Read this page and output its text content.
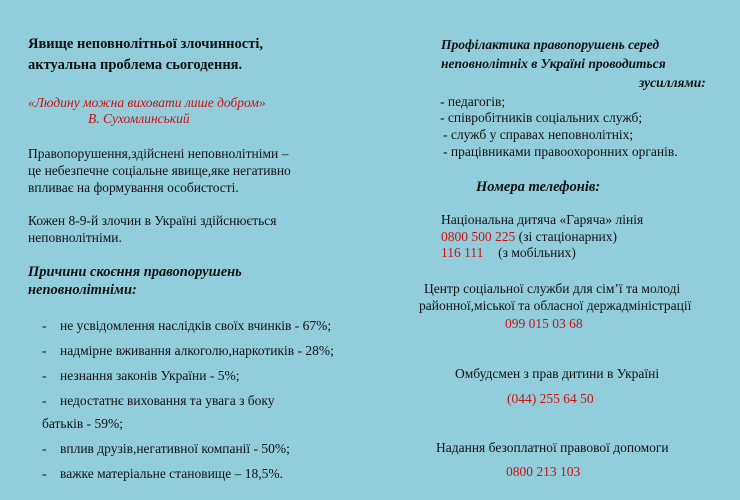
Явище неповнолітньої злочинності,
актуальна проблема сьогодення.
«Людину можна виховати лише добром»
В. Сухомлинський
Правопорушення,здійснені неповнолітніми –
це небезпечне соціальне явище,яке негативно
впливає на формування особистості.
Кожен 8-9-й злочин в Україні здійснюється
неповнолітніми.
Причини скоєння правопорушень
неповнолітніми:
- не усвідомлення наслідків своїх вчинків - 67%;
- надмірне вживання алкоголю,наркотиків - 28%;
- незнання законів України - 5%;
- недостатнє виховання та увага з боку
батьків - 59%;
- вплив друзів,негативної компанії - 50%;
- важке матеріальне становище – 18,5%.
Профілактика правопорушень серед
неповнолітніх в Україні проводиться
зусиллями:
- педагогів;
- співробітників соціальних служб;
- служб у справах неповнолітніх;
- працівниками правоохоронних органів.
Номера телефонів:
Національна дитяча «Гаряча» лінія
0800 500 225 (зі стаціонарних)
116 111 (з мобільних)
Центр соціальної служби для сім’ї та молоді
районної,міської та обласної держадміністрації
099 015 03 68
Омбудсмен з прав дитини в Україні
(044) 255 64 50
Надання безоплатної правової допомоги
0800 213 103
